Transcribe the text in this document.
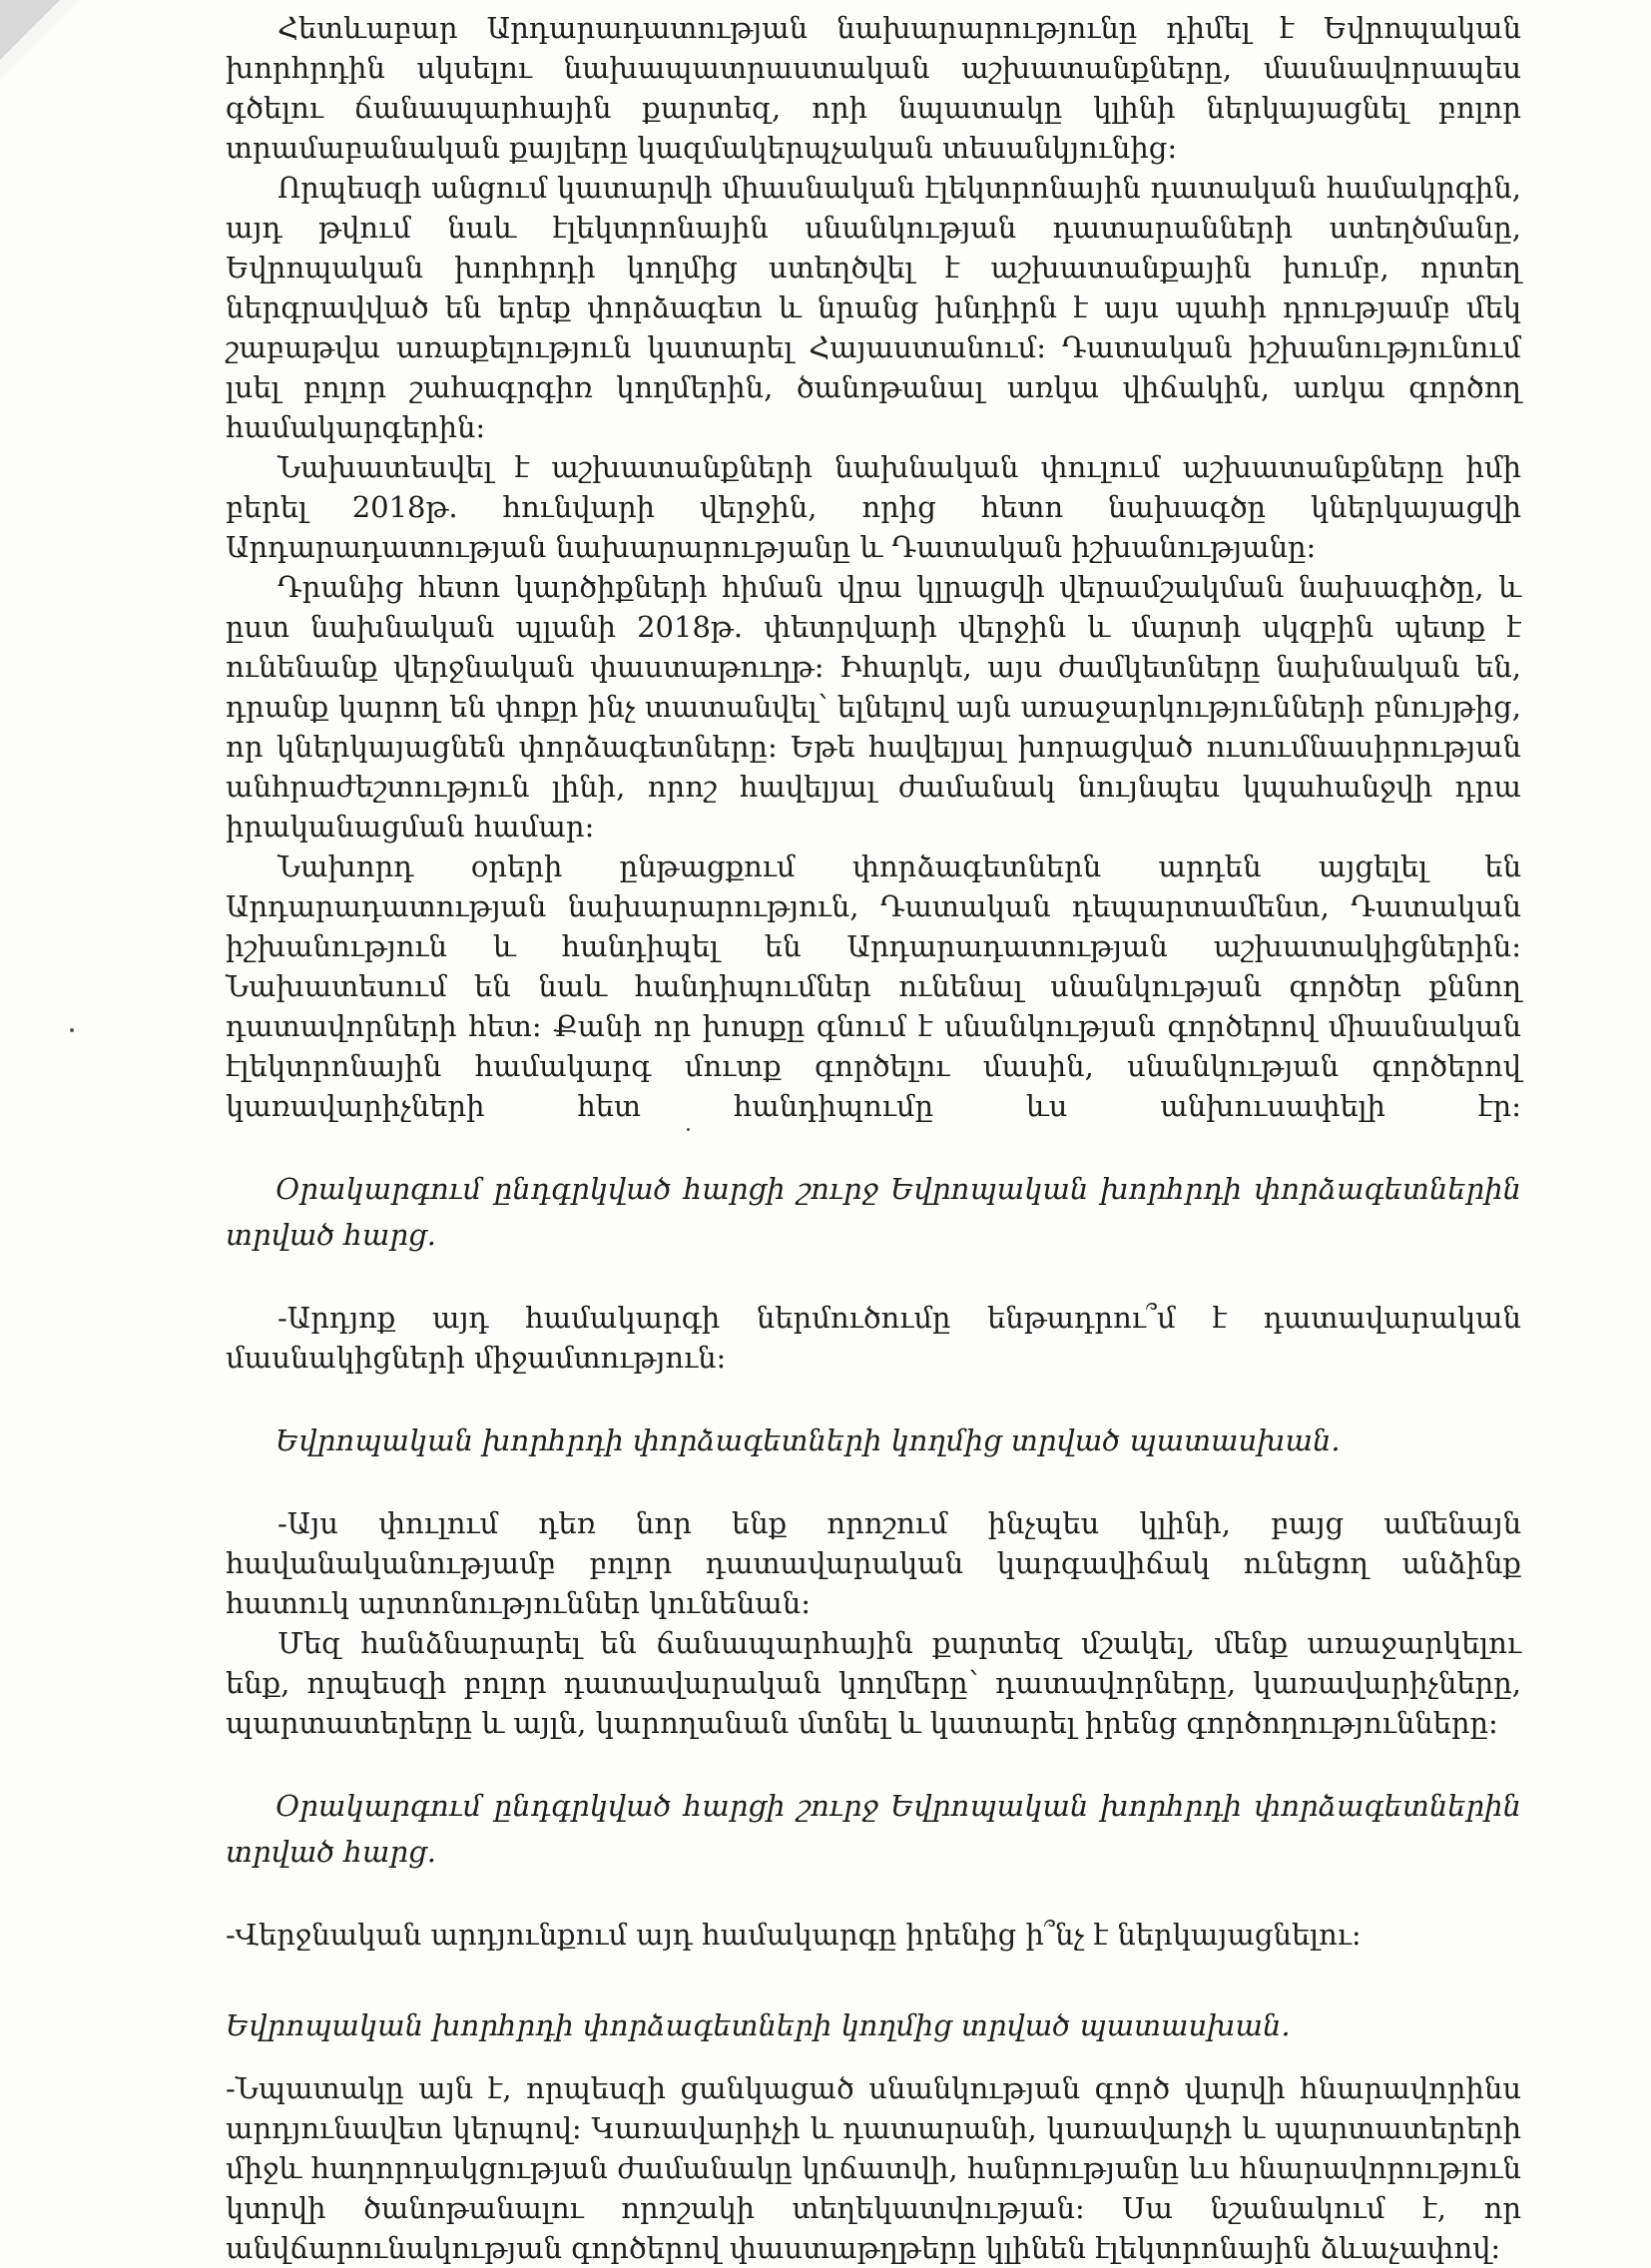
Հետևաբար Արդարադատության նախարարությունը դիմել է Եվրոպական խորհրդին սկսելու նախապատրաստական աշխատանքները, մասնավորապես գծելու ճանապարհային քարտեզ, որի նպատակը կլինի ներկայացնել բոլոր տրամաբանական քայլերը կազմակերպչական տեսանկյունից:

Որպեսզի անցում կատարվի միասնական էլեկտրոնային դատական համակրգին, այդ թվում նաև էլեկտրոնային սնանկության դատարանների ստեղծմանը, Եվրոպական խորհրդի կողմից ստեղծվել է աշխատանքային խումբ, որտեղ ներգրավված են երեք փորձագետ և նրանց խնդիրն է այս պահի դրությամբ մեկ շաբաթվա առաքելություն կատարել Հայաստանում: Դատական իշխանությունում լսել բոլոր շահագրգիռ կողմերին, ծանոթանալ առկա վիճակին, առկա գործող համակարգերին:

Նախատեսվել է աշխատանքների նախնական փուլում աշխատանքները իմի բերել 2018թ. հունվարի վերջին, որից հետո նախագծը կներկայացվի Արդարադատության նախարարությանը և Դատական իշխանությանը:

Դրանից հետո կարծիքների հիման վրա կլրացվի վերամշակման նախագիծը, և ըստ նախնական պլանի 2018թ. փետրվարի վերջին և մարտի սկզբին պետք է ունենանք վերջնական փաստաթուղթ: Իհարկե, այս ժամկետները նախնական են, դրանք կարող են փոքր ինչ տատանվել՝ ելնելով այն առաջարկությունների բնույթից, որ կներկայացնեն փորձագետները: Եթե հավելյալ խորացված ուսումնասիրության անհրաժեշտություն լինի, որոշ հավելյալ ժամանակ նույնպես կպահանջվի դրա իրականացման համար:

Նախորդ օրերի ընթացքում փորձագետներն արդեն այցելել են Արդարադատության նախարարություն, Դատական դեպարտամենտ, Դատական իշխանություն և հանդիպել են Արդարադատության աշխատակիցներին: Նախատեսում են նաև հանդիպումներ ունենալ սնանկության գործեր քննող դատավորների հետ: Քանի որ խոսքը գնում է սնանկության գործերով միասնական էլեկտրոնային համակարգ մուտք գործելու մասին, սնանկության գործերով կառավարիչների հետ հանդիպումը ևս անխուսափելի էր:

Օրակարգում ընդգրկված հարցի շուրջ Եվրոպական խորհրդի փորձագետներին տրված հարց.

-Արդյոք այդ համակարգի ներմուծումը ենթադրու՞մ է դատավարական մասնակիցների միջամտություն:

Եվրոպական խորհրդի փորձագետների կողմից տրված պատասխան.

-Այս փուլում դեռ նոր ենք որոշում ինչպես կլինի, բայց ամենայն հավանականությամբ բոլոր դատավարական կարգավիճակ ունեցող անձինք հատուկ արտոնություններ կունենան:

Մեզ հանձնարարել են ճանապարհային քարտեզ մշակել, մենք առաջարկելու ենք, որպեսզի բոլոր դատավարական կողմերը՝ դատավորները, կառավարիչները, պարտատերերը և այլն, կարողանան մտնել և կատարել իրենց գործողությունները:

Օրակարգում ընդգրկված հարցի շուրջ Եվրոպական խորհրդի փորձագետներին տրված հարց.

-Վերջնական արդյունքում այդ համակարգը իրենից ի՞նչ է ներկայացնելու:

Եվրոպական խորհրդի փորձագետների կողմից տրված պատասխան.

-Նպատակը այն է, որպեսզի ցանկացած սնանկության գործ վարվի հնարավորինս արդյունավետ կերպով: Կառավարիչի և դատարանի, կառավարչի և պարտատերերի միջև հաղորդակցության ժամանակը կրճատվի, հանրությանը ևս հնարավորություն կտրվի ծանոթանալու որոշակի տեղեկատվության: Սա նշանակում է, որ անվճարունակության գործերով փաստաթղթերը կլինեն էլեկտրոնային ձևաչափով:
